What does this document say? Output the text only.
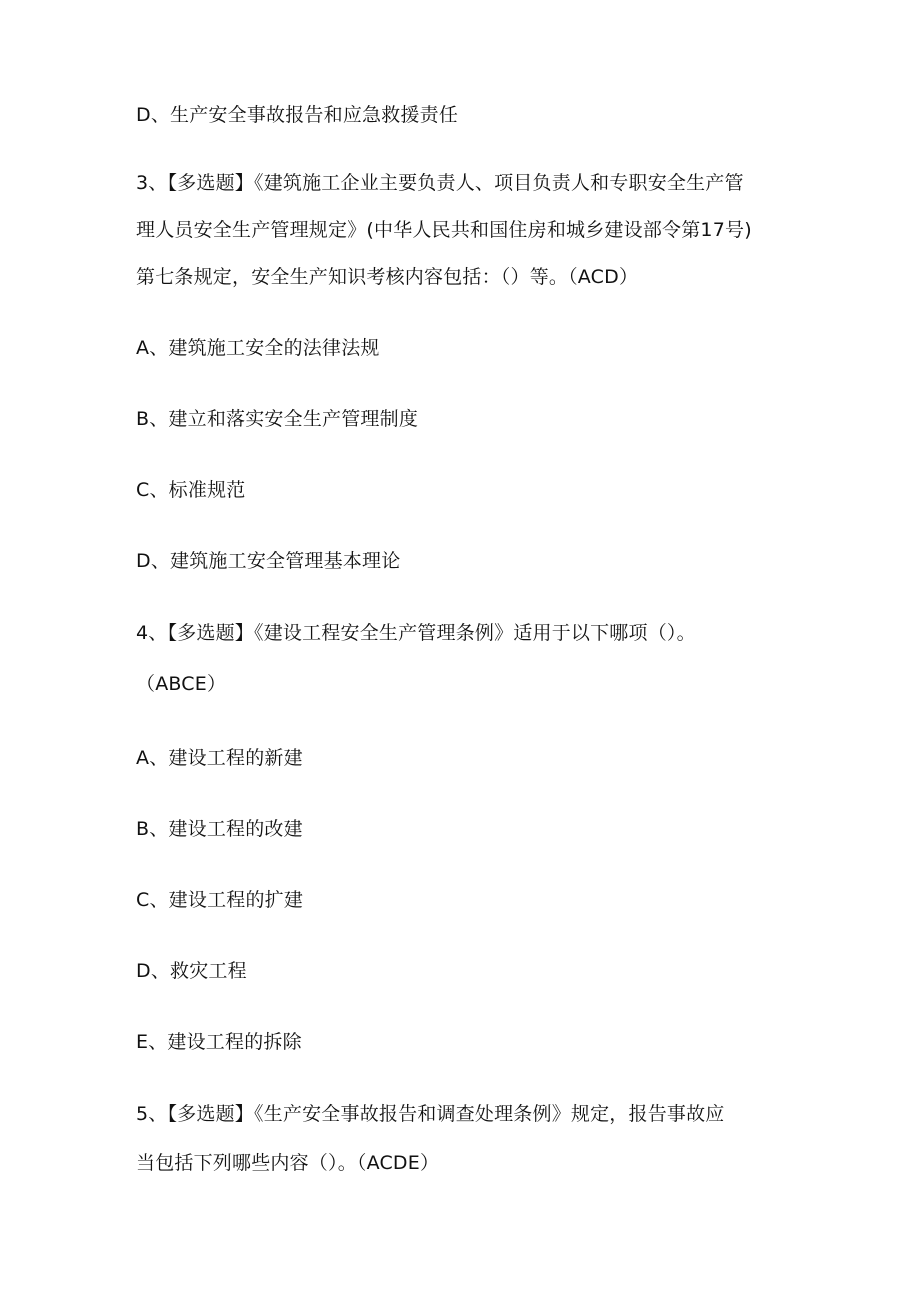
D、生产安全事故报告和应急救援责任
3、【多选题】《建筑施工企业主要负责人、项目负责人和专职安全生产管
理人员安全生产管理规定》(中华人民共和国住房和城乡建设部令第17号)
第七条规定，安全生产知识考核内容包括：（）等。（ACD）
A、建筑施工安全的法律法规
B、建立和落实安全生产管理制度
C、标准规范
D、建筑施工安全管理基本理论
4、【多选题】《建设工程安全生产管理条例》适用于以下哪项（）。
（ABCE）
A、建设工程的新建
B、建设工程的改建
C、建设工程的扩建
D、救灾工程
E、建设工程的拆除
5、【多选题】《生产安全事故报告和调查处理条例》规定，报告事故应
当包括下列哪些内容（）。（ACDE）
